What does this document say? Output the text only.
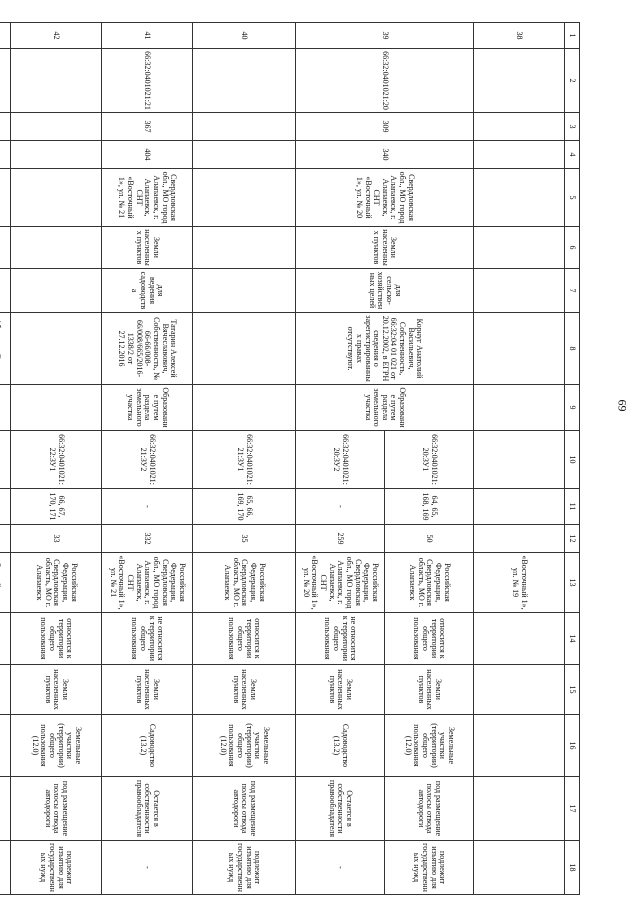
69
1	2	3	4	5	6	7	8	9	10	11	12	13	14	15	16	17	18
38												«Восточный 1», ул. № 19					
39	66:32:0401021:20	309	340	Свердловская обл., МО город Алапаевск, г. Алапаевск, СНТ «Восточный 1», ул. № 20	Земли населенных пунктов	для сельско-хозяйственных целей	Корнуг Анатолий Васильевич, Собственность, 66:32:04 01 021 от 20.12.2002, в ЕГРН сведения о зарегистрированных правах отсутствуют.	Образование путем раздела земельного участка	66:32:0401021:20:ЗУ1	64, 65, 168, 169	50	Российская Федерация, Свердловская область, МО г. Алапаевск	относится к территории общего пользования	Земли населенных пунктов	Земельные участки (территории) общего пользования (12.0)	под размещение полосы отвода автодороги	подлежит изъятию для государственных нужд
									66:32:0401021:20:ЗУ2	-	259	Российская Федерация, Свердловская обл., МО город Алапаевск, г. Алапаевск, СНТ «Восточный 1», ул. № 20	не относится к территории общего пользования	Земли населенных пунктов	Садоводство (13.2)	Остается в собственности правообладателя	-
40									66:32:0401021:21:ЗУ1	65, 66, 169, 170	35	Российская Федерация, Свердловская область, МО г. Алапаевск	относится к территории общего пользования	Земли населенных пунктов	Земельные участки (территории) общего пользования (12.0)	под размещение полосы отвода автодороги	подлежит изъятию для государственных нужд
41	66:32:0401021:21	367	404	Свердловская обл., МО город Алапаевск, г. Алапаевск, СНТ «Восточный 1», ул. № 21	Земли населенных пунктов	для ведения садоводства	Татарин Алексей Вячеславович, Собственность, № 66-66/008-66/008/665/2016-1338/2 от 27.12.2016	Образование путем раздела земельного участка	66:32:0401021:21:ЗУ2	-	332	Российская Федерация, Свердловская обл., МО город Алапаевск, г. Алапаевск, СНТ «Восточный 1», ул. № 21	не относится к территории общего пользования	Земли населенных пунктов	Садоводство (13.2)	Остается в собственности правообладателя	-
42									66:32:0401021:22:ЗУ1	66, 67, 170, 171	33	Российская Федерация, Свердловская область, МО г. Алапаевск	относится к территории общего пользования	Земли населенных пунктов	Земельные участки (территории) общего пользования (12.0)	под размещение полосы отвода автодороги	подлежит изъятию для государственных нужд
